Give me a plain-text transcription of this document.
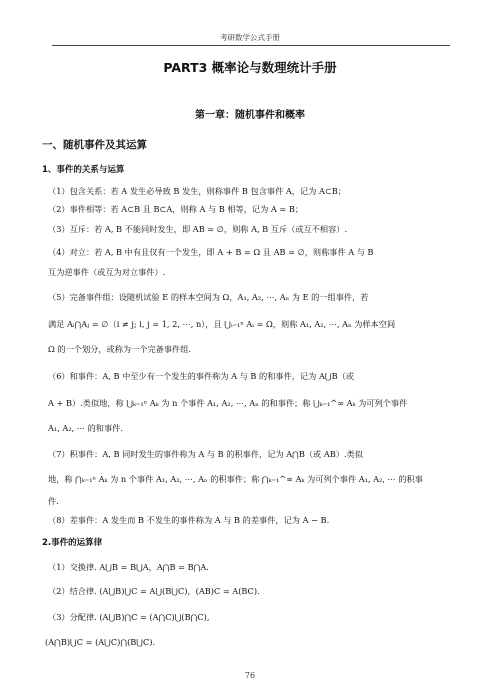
考研数学公式手册
PART3 概率论与数理统计手册
第一章：随机事件和概率
一、随机事件及其运算
1、事件的关系与运算
（1）包含关系：若 A 发生必导致 B 发生，则称事件 B 包含事件 A，记为 A⊂B；
（2）事件相等：若 A⊂B 且 B⊂A，则称 A 与 B 相等，记为 A = B；
（3）互斥：若 A, B 不能同时发生，即 AB = ∅，则称 A, B 互斥（或互不相容）.
（4）对立：若 A, B 中有且仅有一个发生，即 A + B = Ω 且 AB = ∅，则称事件 A 与 B
互为逆事件（或互为对立事件）.
（5）完备事件组：设随机试验 E 的样本空间为 Ω，A₁, A₂, ⋯, Aₙ 为 E 的一组事件，若
满足 Aᵢ⋂Aⱼ = ∅（i ≠ j; i, j = 1, 2, ⋯, n），且 ⋃ᵢ₌₁ⁿ Aᵢ = Ω，则称 A₁, A₂, ⋯, Aₙ 为样本空间
Ω 的一个划分，或称为一个完备事件组.
（6）和事件：A, B 中至少有一个发生的事件称为 A 与 B 的和事件，记为 A⋃B（或
A + B）.类似地，称 ⋃ₖ₌₁ⁿ Aₖ 为 n 个事件 A₁, A₂, ⋯, Aₙ 的和事件；称 ⋃ₖ₌₁^∞ Aₖ 为可列个事件
A₁, A₂, ⋯ 的和事件.
（7）积事件：A, B 同时发生的事件称为 A 与 B 的积事件，记为 A⋂B（或 AB）.类似
地，称 ⋂ₖ₌₁ⁿ Aₖ 为 n 个事件 A₁, A₂, ⋯, Aₙ 的积事件；称 ⋂ₖ₌₁^∞ Aₖ 为可列个事件 A₁, A₂, ⋯ 的积事
件.
（8）差事件：A 发生而 B 不发生的事件称为 A 与 B 的差事件，记为 A − B.
2.事件的运算律
（1）交换律. A⋃B = B⋃A，A⋂B = B⋂A.
（2）结合律. (A⋃B)⋃C = A⋃(B⋃C)，(AB)C = A(BC).
（3）分配律. (A⋃B)⋂C = (A⋂C)⋃(B⋂C),
(A⋂B)⋃C = (A⋃C)⋂(B⋃C).
76
